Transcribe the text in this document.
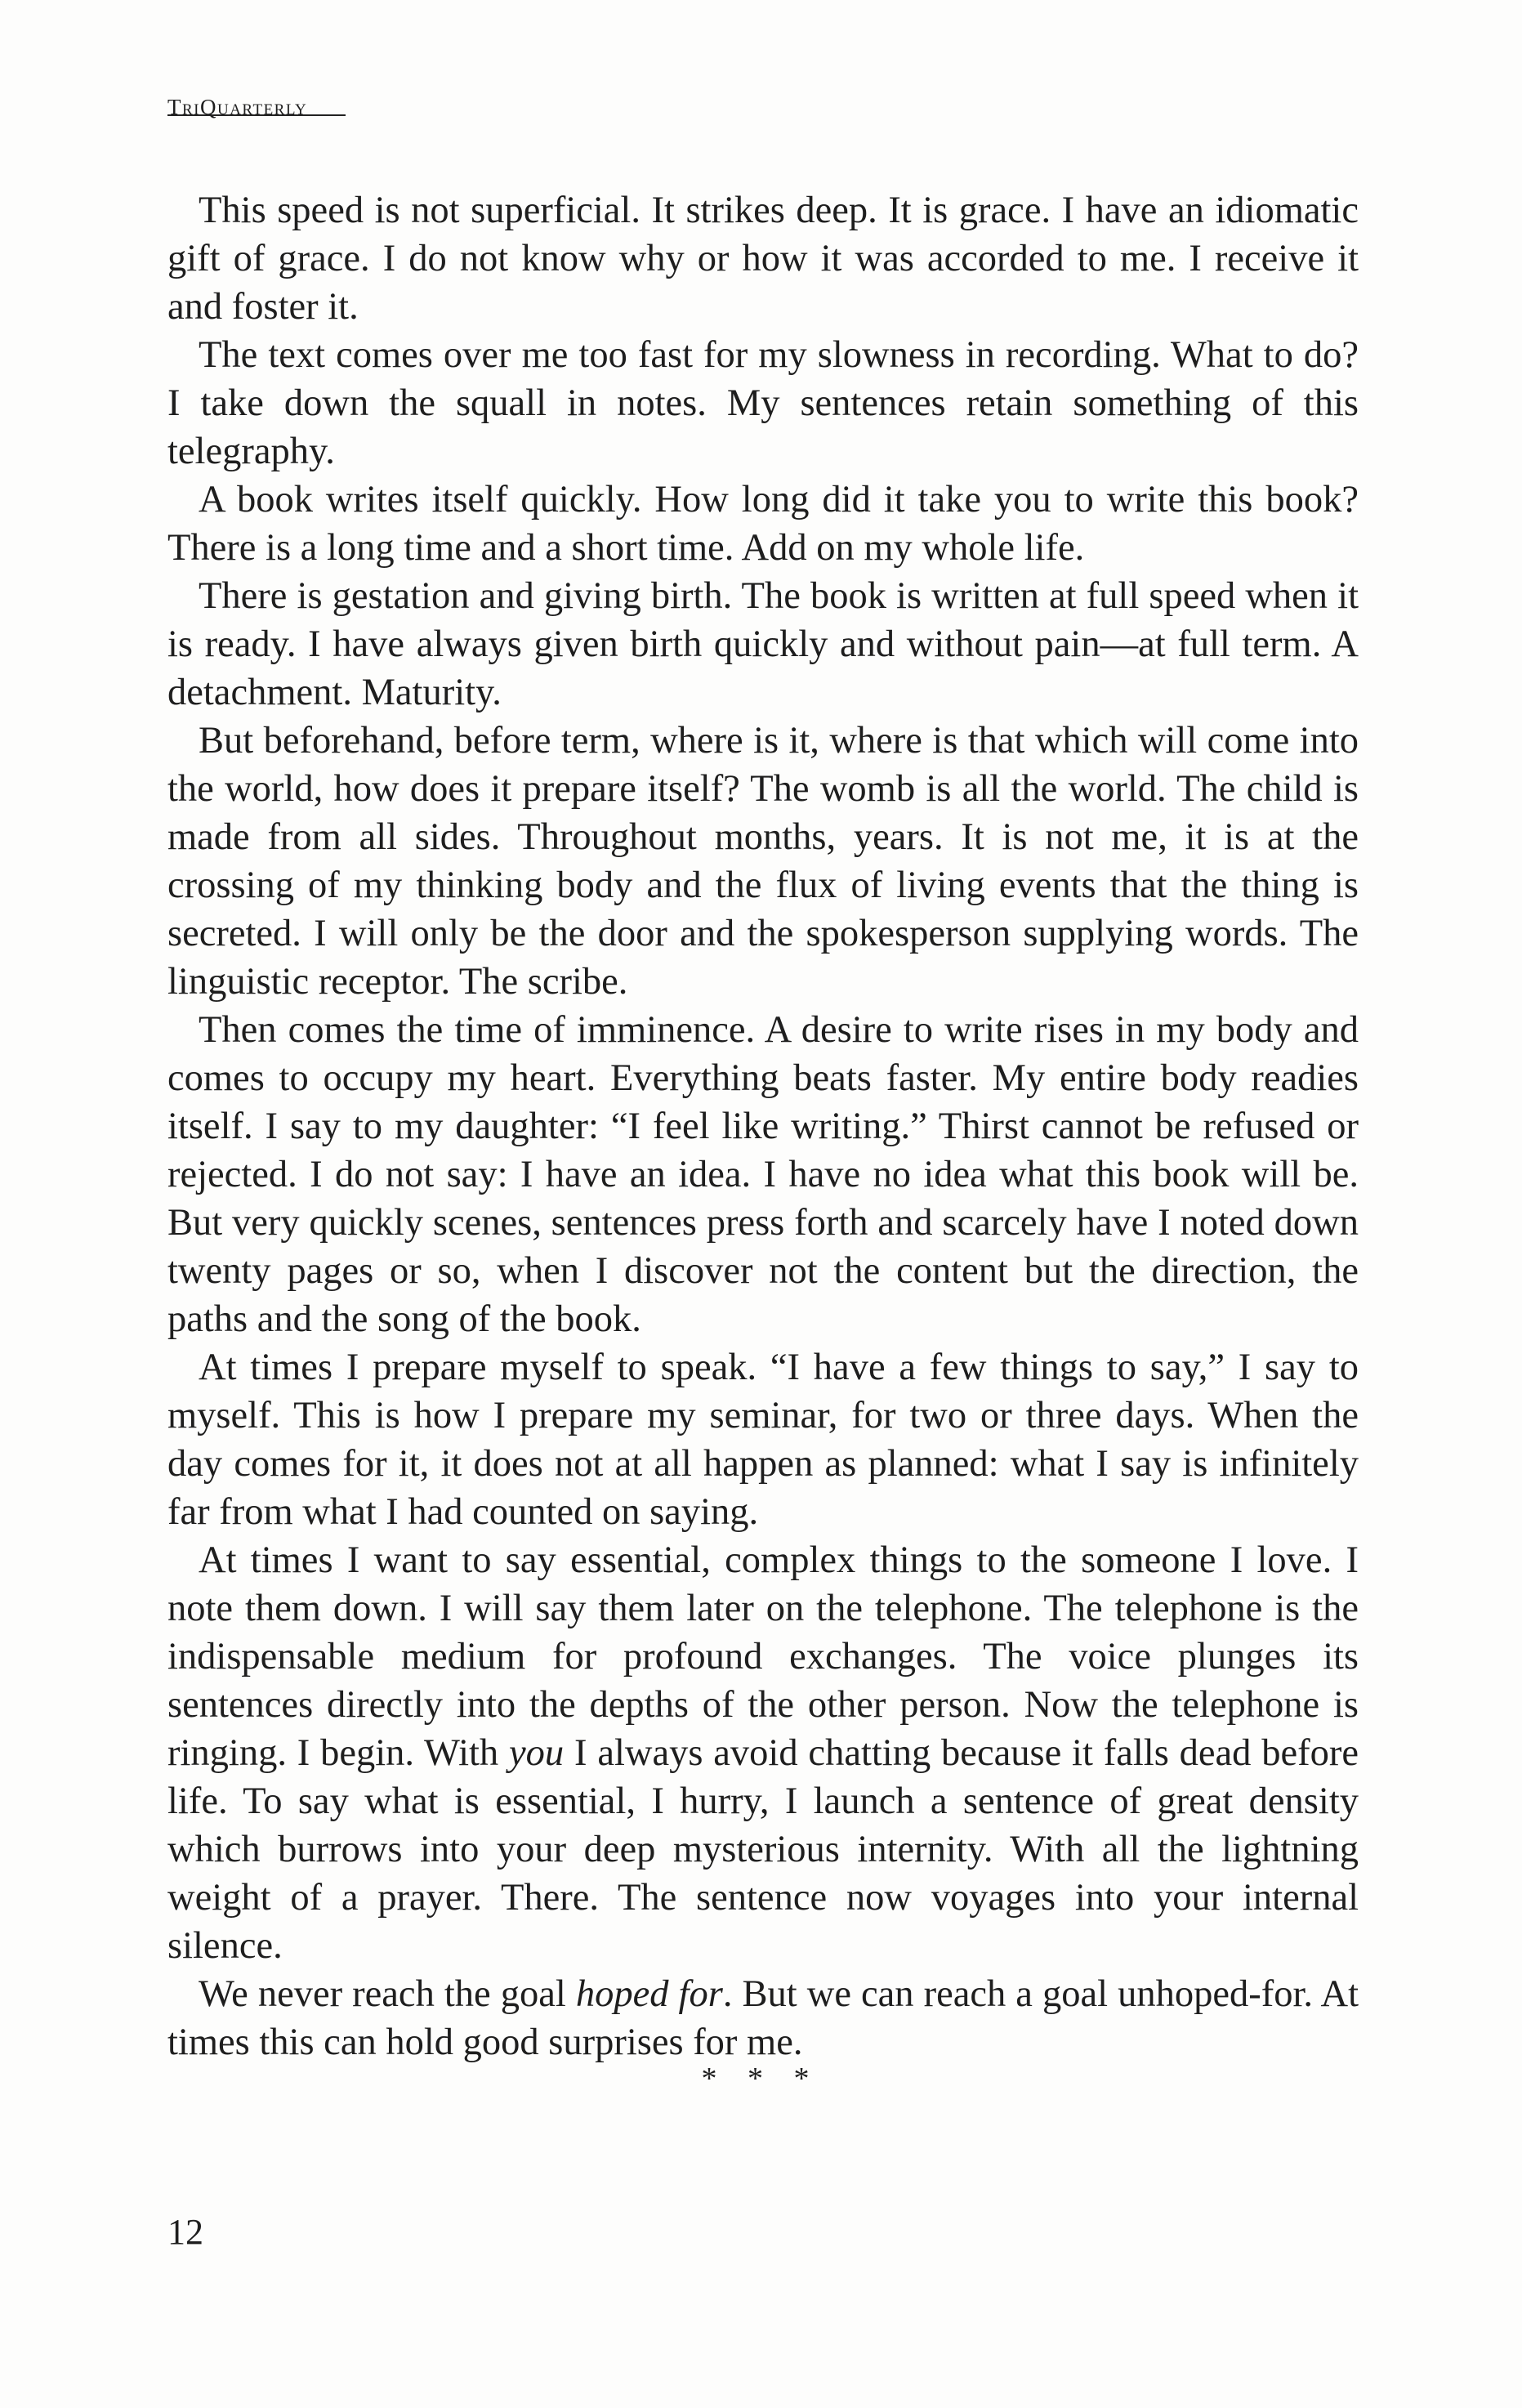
TriQuarterly

This speed is not superficial. It strikes deep. It is grace. I have an idiomatic gift of grace. I do not know why or how it was accorded to me. I receive it and foster it.

The text comes over me too fast for my slowness in recording. What to do? I take down the squall in notes. My sentences retain something of this telegraphy.

A book writes itself quickly. How long did it take you to write this book? There is a long time and a short time. Add on my whole life.

There is gestation and giving birth. The book is written at full speed when it is ready. I have always given birth quickly and without pain—at full term. A detachment. Maturity.

But beforehand, before term, where is it, where is that which will come into the world, how does it prepare itself? The womb is all the world. The child is made from all sides. Throughout months, years. It is not me, it is at the crossing of my thinking body and the flux of living events that the thing is secreted. I will only be the door and the spokesperson supplying words. The linguistic receptor. The scribe.

Then comes the time of imminence. A desire to write rises in my body and comes to occupy my heart. Everything beats faster. My entire body readies itself. I say to my daughter: “I feel like writing.” Thirst cannot be refused or rejected. I do not say: I have an idea. I have no idea what this book will be. But very quickly scenes, sentences press forth and scarcely have I noted down twenty pages or so, when I discover not the content but the direction, the paths and the song of the book.

At times I prepare myself to speak. “I have a few things to say,” I say to myself. This is how I prepare my seminar, for two or three days. When the day comes for it, it does not at all happen as planned: what I say is infinitely far from what I had counted on saying.

At times I want to say essential, complex things to the someone I love. I note them down. I will say them later on the telephone. The telephone is the indispensable medium for profound exchanges. The voice plunges its sentences directly into the depths of the other person. Now the telephone is ringing. I begin. With you I always avoid chatting because it falls dead before life. To say what is essential, I hurry, I launch a sentence of great density which burrows into your deep mysterious internity. With all the lightning weight of a prayer. There. The sentence now voyages into your internal silence.

We never reach the goal hoped for. But we can reach a goal unhoped-for. At times this can hold good surprises for me.

* * *
12
